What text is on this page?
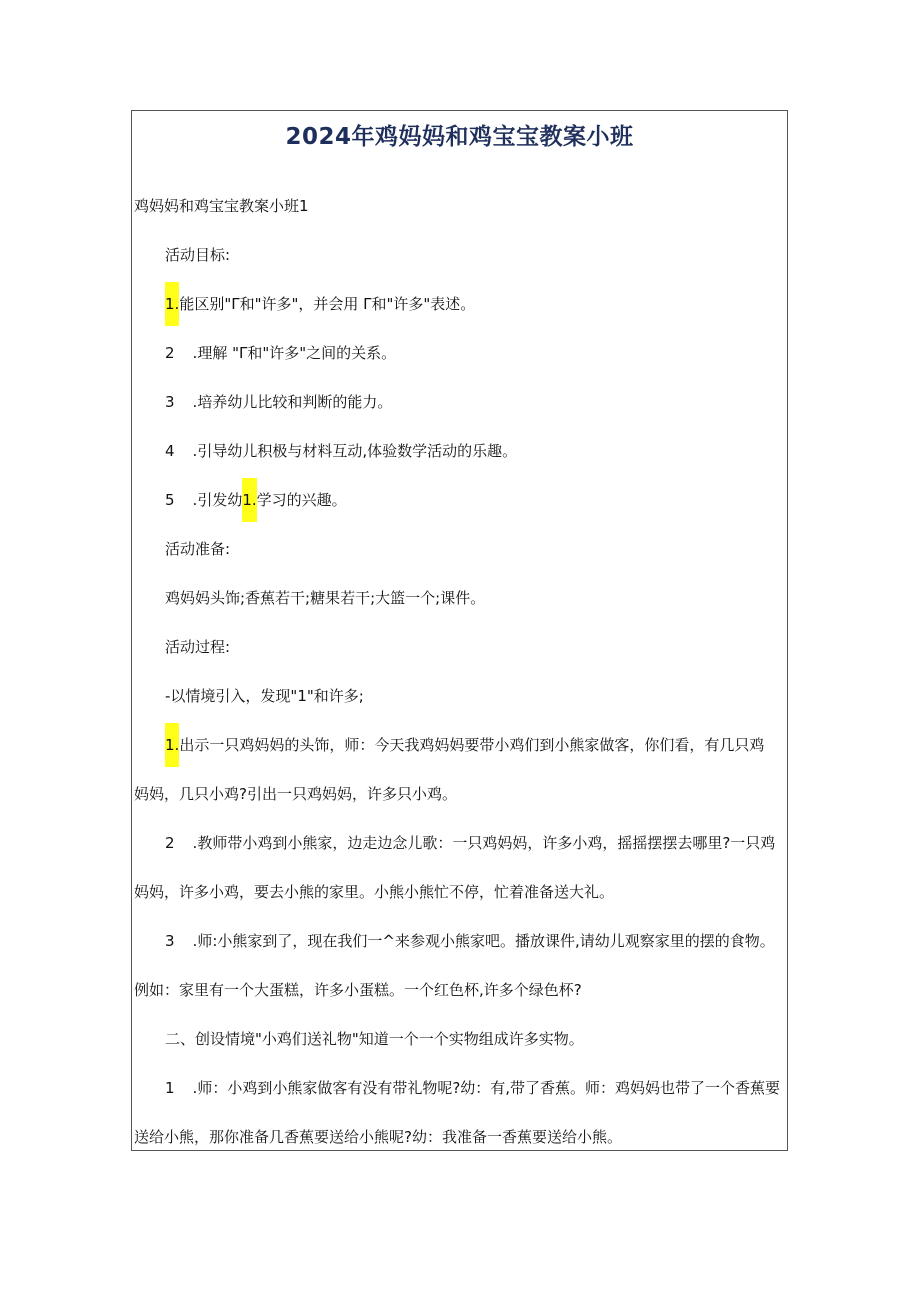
2024年鸡妈妈和鸡宝宝教案小班
鸡妈妈和鸡宝宝教案小班1
活动目标:
1.能区别"Γ和"许多"，并会用 Γ和"许多"表述。
2 .理解 "Γ和"许多"之间的关系。
3 .培养幼儿比较和判断的能力。
4 .引导幼儿积极与材料互动,体验数学活动的乐趣。
5 .引发幼1.学习的兴趣。
活动准备:
鸡妈妈头饰;香蕉若干;糖果若干;大篮一个;课件。
活动过程:
-以情境引入，发现"1"和许多;
1.出示一只鸡妈妈的头饰，师：今天我鸡妈妈要带小鸡们到小熊家做客，你们看，有几只鸡
妈妈，几只小鸡?引出一只鸡妈妈，许多只小鸡。
2 .教师带小鸡到小熊家，边走边念儿歌：一只鸡妈妈，许多小鸡，摇摇摆摆去哪里?一只鸡
妈妈，许多小鸡，要去小熊的家里。小熊小熊忙不停，忙着准备送大礼。
3 .师:小熊家到了，现在我们一^来参观小熊家吧。播放课件,请幼儿观察家里的摆的食物。
例如：家里有一个大蛋糕，许多小蛋糕。一个红色杯,许多个绿色杯?
二、创设情境"小鸡们送礼物"知道一个一个实物组成许多实物。
1 .师：小鸡到小熊家做客有没有带礼物呢?幼：有,带了香蕉。师：鸡妈妈也带了一个香蕉要
送给小熊，那你准备几香蕉要送给小熊呢?幼：我准备一香蕉要送给小熊。
